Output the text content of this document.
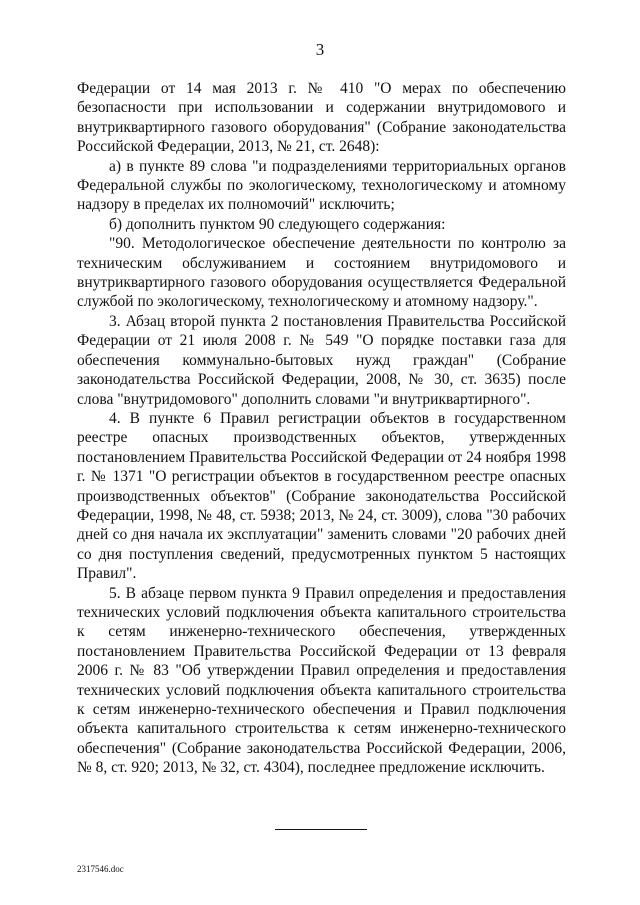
3

Федерации от 14 мая 2013 г. № 410 "О мерах по обеспечению безопасности при использовании и содержании внутридомового и внутриквартирного газового оборудования" (Собрание законодательства Российской Федерации, 2013, № 21, ст. 2648):

а) в пункте 89 слова "и подразделениями территориальных органов Федеральной службы по экологическому, технологическому и атомному надзору в пределах их полномочий" исключить;

б) дополнить пунктом 90 следующего содержания:

"90. Методологическое обеспечение деятельности по контролю за техническим обслуживанием и состоянием внутридомового и внутриквартирного газового оборудования осуществляется Федеральной службой по экологическому, технологическому и атомному надзору.".

3. Абзац второй пункта 2 постановления Правительства Российской Федерации от 21 июля 2008 г. № 549 "О порядке поставки газа для обеспечения коммунально-бытовых нужд граждан" (Собрание законодательства Российской Федерации, 2008, № 30, ст. 3635) после слова "внутридомового" дополнить словами "и внутриквартирного".

4. В пункте 6 Правил регистрации объектов в государственном реестре опасных производственных объектов, утвержденных постановлением Правительства Российской Федерации от 24 ноября 1998 г. № 1371 "О регистрации объектов в государственном реестре опасных производственных объектов" (Собрание законодательства Российской Федерации, 1998, № 48, ст. 5938; 2013, № 24, ст. 3009), слова "30 рабочих дней со дня начала их эксплуатации" заменить словами "20 рабочих дней со дня поступления сведений, предусмотренных пунктом 5 настоящих Правил".

5. В абзаце первом пункта 9 Правил определения и предоставления технических условий подключения объекта капитального строительства к сетям инженерно-технического обеспечения, утвержденных постановлением Правительства Российской Федерации от 13 февраля 2006 г. № 83 "Об утверждении Правил определения и предоставления технических условий подключения объекта капитального строительства к сетям инженерно-технического обеспечения и Правил подключения объекта капитального строительства к сетям инженерно-технического обеспечения" (Собрание законодательства Российской Федерации, 2006, № 8, ст. 920; 2013, № 32, ст. 4304), последнее предложение исключить.

2317546.doc
